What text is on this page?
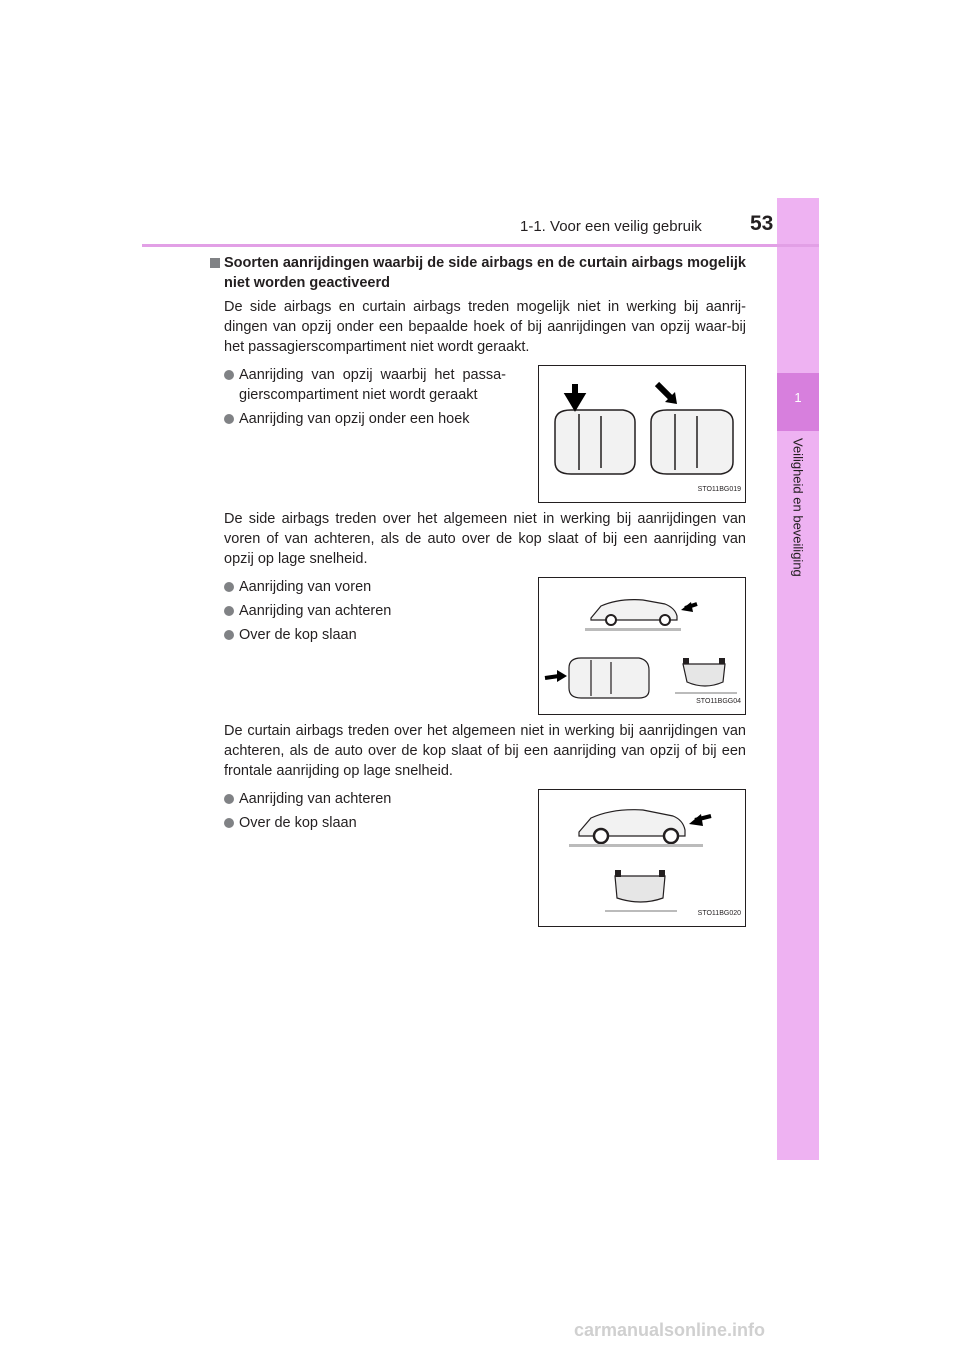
1
Veiligheid en beveiliging
1-1. Voor een veilig gebruik 53
Soorten aanrijdingen waarbij de side airbags en de curtain airbags mogelijk niet worden geactiveerd
De side airbags en curtain airbags treden mogelijk niet in werking bij aanrij-dingen van opzij onder een bepaalde hoek of bij aanrijdingen van opzij waar-bij het passagierscompartiment niet wordt geraakt.
Aanrijding van opzij waarbij het passa-gierscompartiment niet wordt geraakt
Aanrijding van opzij onder een hoek
STO11BG019
De side airbags treden over het algemeen niet in werking bij aanrijdingen van voren of van achteren, als de auto over de kop slaat of bij een aanrijding van opzij op lage snelheid.
Aanrijding van voren
Aanrijding van achteren
Over de kop slaan
STO11BGG04
De curtain airbags treden over het algemeen niet in werking bij aanrijdingen van achteren, als de auto over de kop slaat of bij een aanrijding van opzij of bij een frontale aanrijding op lage snelheid.
Aanrijding van achteren
Over de kop slaan
STO11BG020
carmanualsonline.info
